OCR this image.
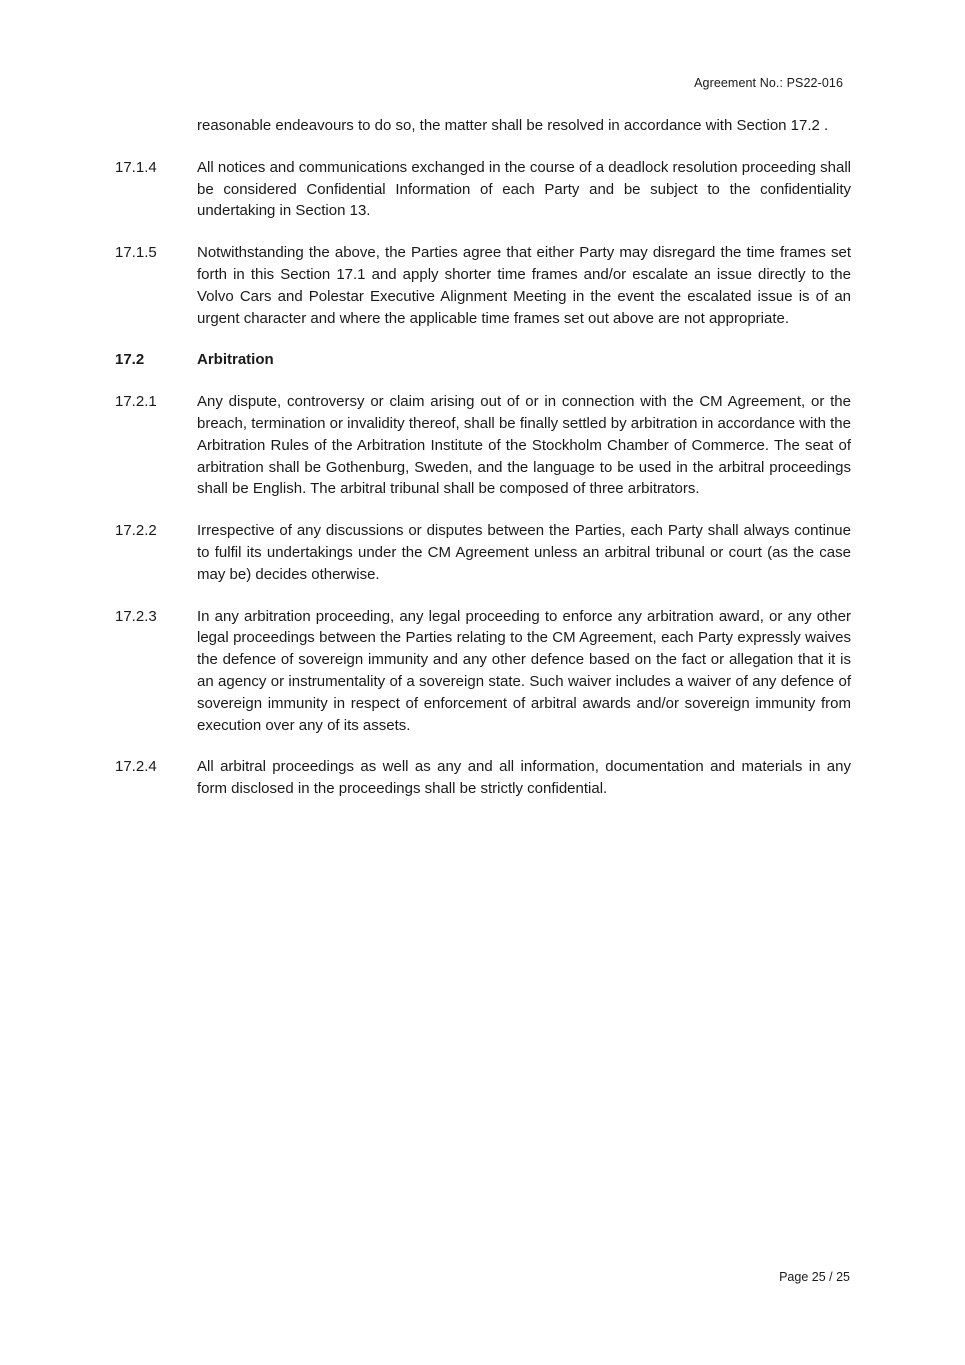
Agreement No.: PS22-016

reasonable endeavours to do so, the matter shall be resolved in accordance with Section 17.2 .

17.1.4	All notices and communications exchanged in the course of a deadlock resolution proceeding shall be considered Confidential Information of each Party and be subject to the confidentiality undertaking in Section 13.
17.1.5	Notwithstanding the above, the Parties agree that either Party may disregard the time frames set forth in this Section 17.1 and apply shorter time frames and/or escalate an issue directly to the Volvo Cars and Polestar Executive Alignment Meeting in the event the escalated issue is of an urgent character and where the applicable time frames set out above are not appropriate.
17.2	Arbitration
17.2.1	Any dispute, controversy or claim arising out of or in connection with the CM Agreement, or the breach, termination or invalidity thereof, shall be finally settled by arbitration in accordance with the Arbitration Rules of the Arbitration Institute of the Stockholm Chamber of Commerce. The seat of arbitration shall be Gothenburg, Sweden, and the language to be used in the arbitral proceedings shall be English. The arbitral tribunal shall be composed of three arbitrators.
17.2.2	Irrespective of any discussions or disputes between the Parties, each Party shall always continue to fulfil its undertakings under the CM Agreement unless an arbitral tribunal or court (as the case may be) decides otherwise.
17.2.3	In any arbitration proceeding, any legal proceeding to enforce any arbitration award, or any other legal proceedings between the Parties relating to the CM Agreement, each Party expressly waives the defence of sovereign immunity and any other defence based on the fact or allegation that it is an agency or instrumentality of a sovereign state. Such waiver includes a waiver of any defence of sovereign immunity in respect of enforcement of arbitral awards and/or sovereign immunity from execution over any of its assets.
17.2.4	All arbitral proceedings as well as any and all information, documentation and materials in any form disclosed in the proceedings shall be strictly confidential.
Page 25 / 25
